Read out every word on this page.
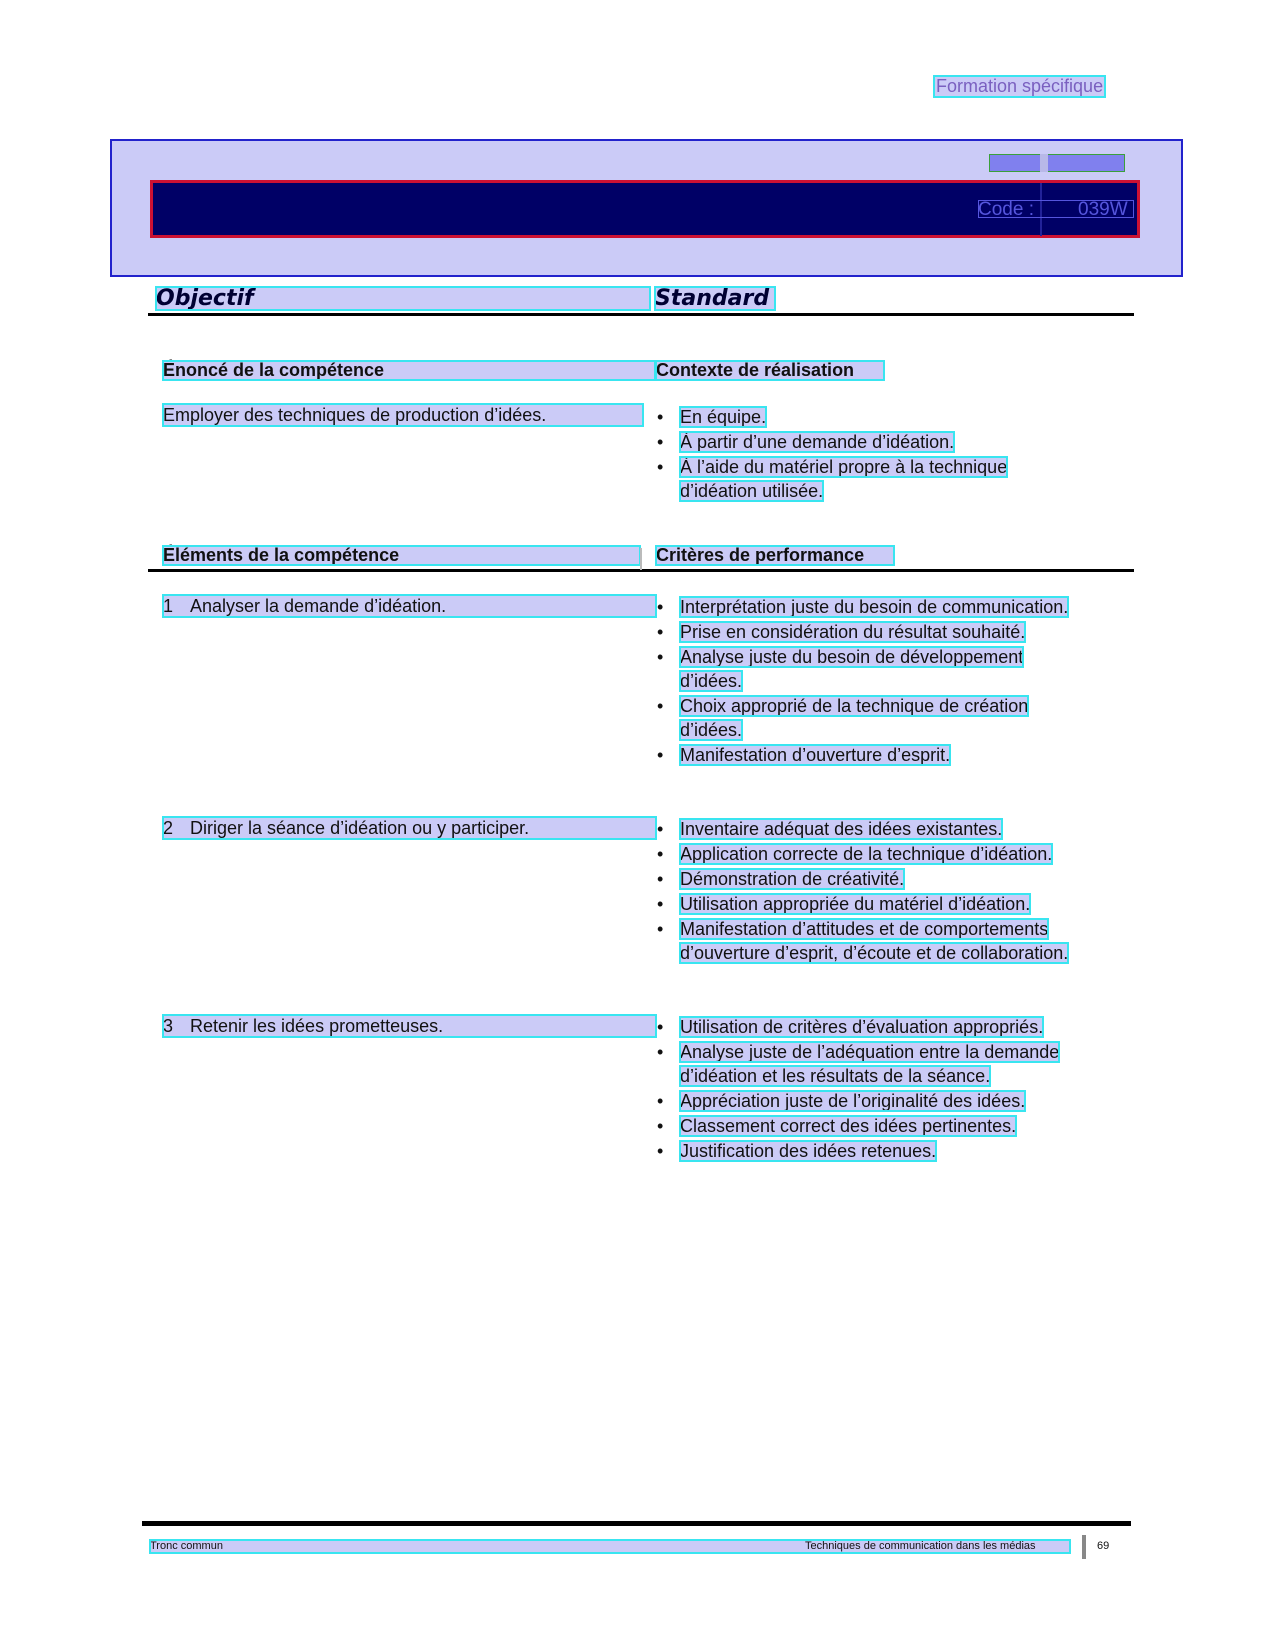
Formation spécifique
Code : 039W
Objectif	Standard
Énoncé de la compétence	Contexte de réalisation
Employer des techniques de production d’idées.	• En équipe.
• À partir d’une demande d’idéation.
• À l’aide du matériel propre à la technique d’idéation utilisée.
Éléments de la compétence	Critères de performance
1 Analyser la demande d’idéation.	• Interprétation juste du besoin de communication.
• Prise en considération du résultat souhaité.
• Analyse juste du besoin de développement d’idées.
• Choix approprié de la technique de création d’idées.
• Manifestation d’ouverture d’esprit.
2 Diriger la séance d’idéation ou y participer.	• Inventaire adéquat des idées existantes.
• Application correcte de la technique d’idéation.
• Démonstration de créativité.
• Utilisation appropriée du matériel d’idéation.
• Manifestation d’attitudes et de comportements d’ouverture d’esprit, d’écoute et de collaboration.
3 Retenir les idées prometteuses.	• Utilisation de critères d’évaluation appropriés.
• Analyse juste de l’adéquation entre la demande d’idéation et les résultats de la séance.
• Appréciation juste de l’originalité des idées.
• Classement correct des idées pertinentes.
• Justification des idées retenues.
Tronc commun	Techniques de communication dans les médias	69
